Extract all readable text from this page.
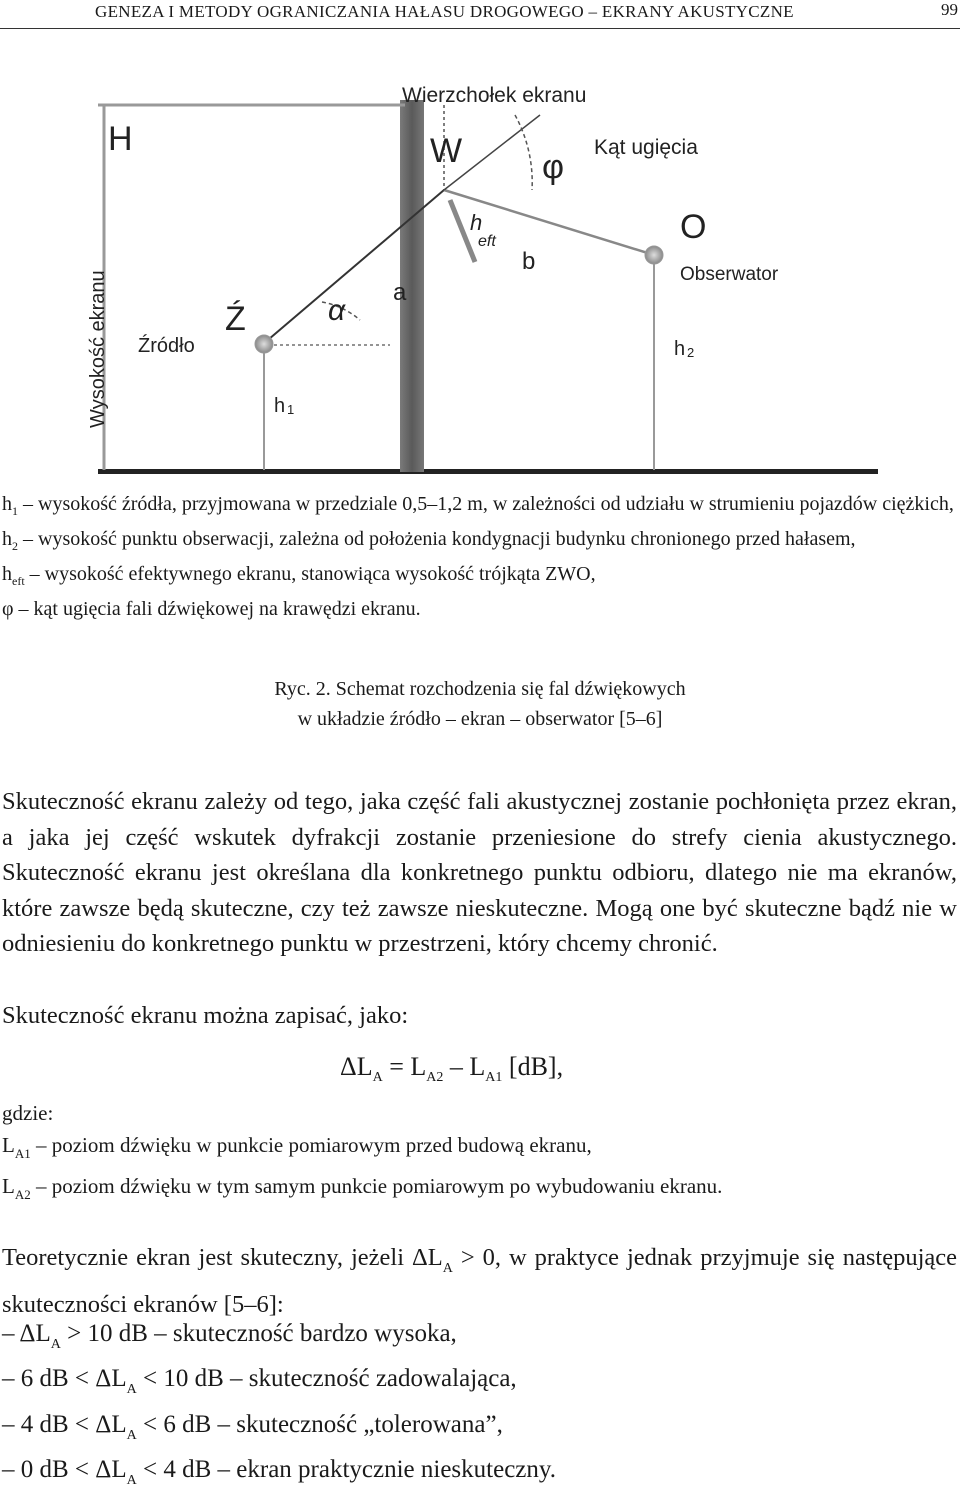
GENEZA I METODY OGRANICZANIA HAŁASU DROGOWEGO – EKRANY AKUSTYCZNE	99
Wierzchołek ekranu
H	W φ
Kąt ugięcia
h
eft
b
O
Obserwator
Ź	α
a
Źródło
h 1
h 2
Wysokość ekranu

$h_1$ – wysokość źródła, przyjmowana w przedziale 0,5–1,2 m, w zależności od udziału w strumieniu pojazdów ciężkich,

$h_2$ – wysokość punktu obserwacji, zależna od położenia kondygnacji budynku chronionego przed hałasem,

$h_{eft}$ – wysokość efektywnego ekranu, stanowiąca wysokość trójkąta ZWO,

φ – kąt ugięcia fali dźwiękowej na krawędzi ekranu.

Ryc. 2. Schemat rozchodzenia się fal dźwiękowych
w układzie źródło – ekran – obserwator [5–6]

Skuteczność ekranu zależy od tego, jaka część fali akustycznej zostanie pochłonięta przez ekran, a jaka jej część wskutek dyfrakcji zostanie przeniesione do strefy cienia akustycznego. Skuteczność ekranu jest określana dla konkretnego punktu odbioru, dlatego nie ma ekranów, które zawsze będą skuteczne, czy też zawsze nieskuteczne. Mogą one być skuteczne bądź nie w odniesieniu do konkretnego punktu w przestrzeni, który chcemy chronić.

Skuteczność ekranu można zapisać, jako:

$\Delta L_A = L_{A2} - L_{A1}$ [dB],

gdzie:

$L_{A1}$ – poziom dźwięku w punkcie pomiarowym przed budową ekranu,

$L_{A2}$ – poziom dźwięku w tym samym punkcie pomiarowym po wybudowaniu ekranu.

Teoretycznie ekran jest skuteczny, jeżeli $\Delta L_A > 0$, w praktyce jednak przyjmuje się następujące skuteczności ekranów [5–6]:

– $\Delta L_A > 10$ dB – skuteczność bardzo wysoka,
– 6 dB < $\Delta L_A < 10$ dB – skuteczność zadowalająca,
– 4 dB < $\Delta L_A < 6$ dB – skuteczność „tolerowana”,
– 0 dB < $\Delta L_A < 4$ dB – ekran praktycznie nieskuteczny.
